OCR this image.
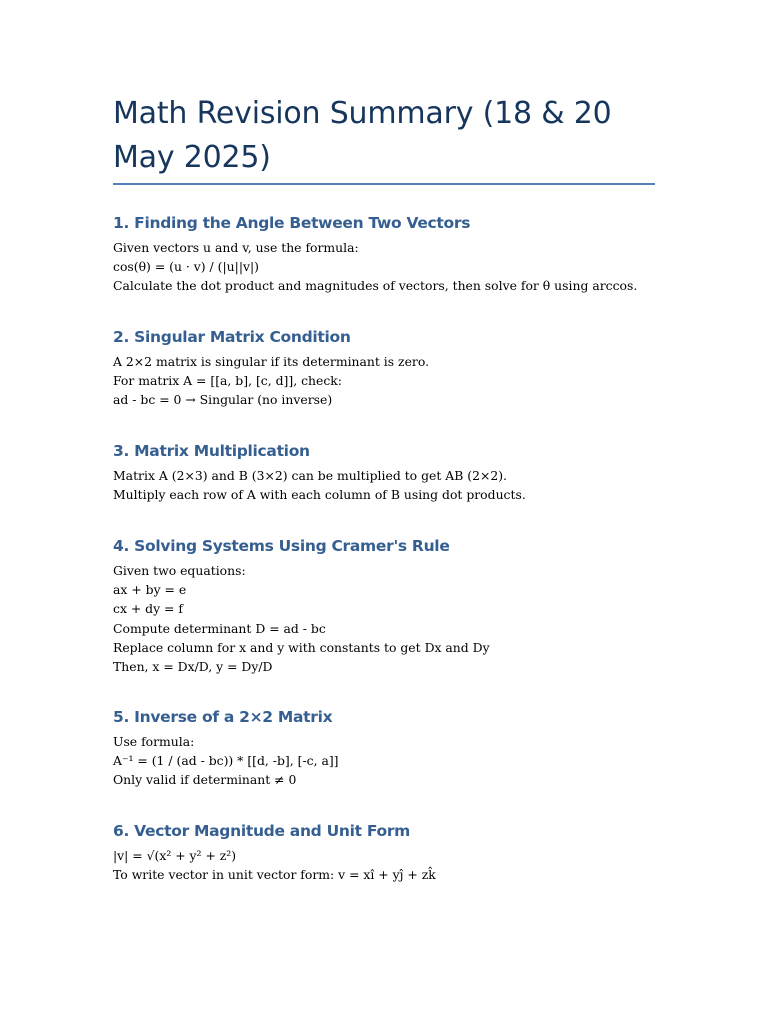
Math Revision Summary (18 & 20 May 2025)
1. Finding the Angle Between Two Vectors
Given vectors u and v, use the formula:
cos(θ) = (u · v) / (|u||v|)
Calculate the dot product and magnitudes of vectors, then solve for θ using arccos.
2. Singular Matrix Condition
A 2×2 matrix is singular if its determinant is zero.
For matrix A = [[a, b], [c, d]], check:
ad - bc = 0 → Singular (no inverse)
3. Matrix Multiplication
Matrix A (2×3) and B (3×2) can be multiplied to get AB (2×2).
Multiply each row of A with each column of B using dot products.
4. Solving Systems Using Cramer's Rule
Given two equations:
ax + by = e
cx + dy = f
Compute determinant D = ad - bc
Replace column for x and y with constants to get Dx and Dy
Then, x = Dx/D, y = Dy/D
5. Inverse of a 2×2 Matrix
Use formula:
A⁻¹ = (1 / (ad - bc)) * [[d, -b], [-c, a]]
Only valid if determinant ≠ 0
6. Vector Magnitude and Unit Form
|v| = √(x² + y² + z²)
To write vector in unit vector form: v = xî + yĵ + zk̂
